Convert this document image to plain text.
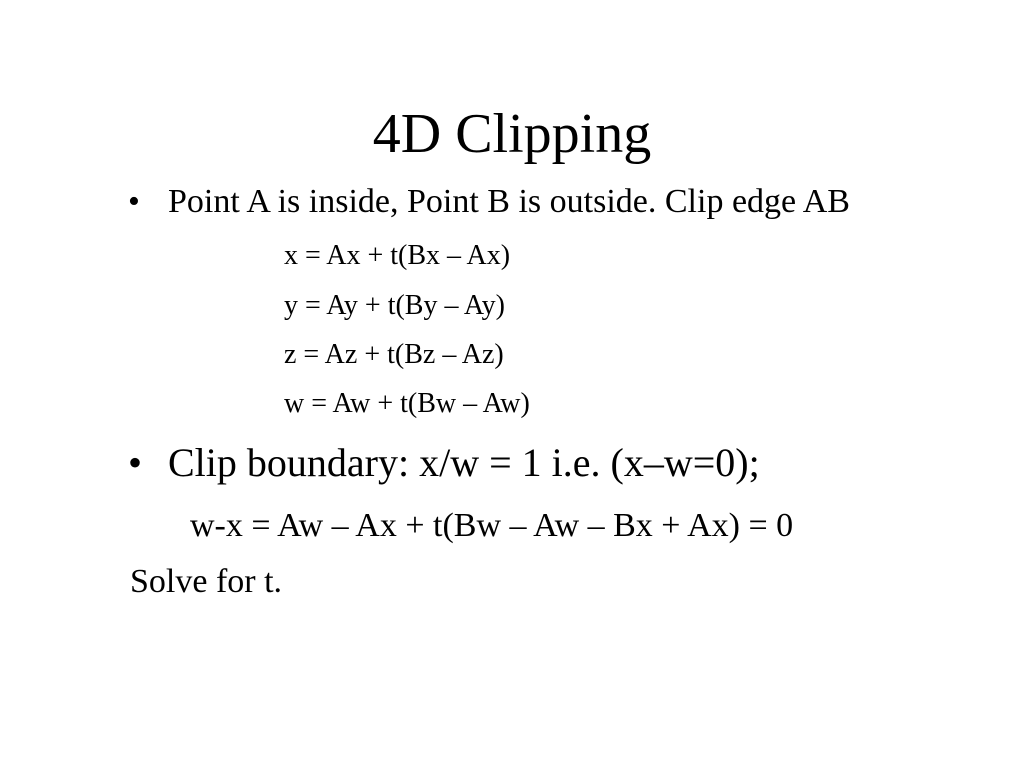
4D Clipping
• Point A is inside, Point B is outside. Clip edge AB
x = Ax + t(Bx – Ax)
y = Ay + t(By – Ay)
z = Az + t(Bz – Az)
w = Aw + t(Bw – Aw)
• Clip boundary: x/w = 1 i.e. (x–w=0);
w-x = Aw – Ax + t(Bw – Aw – Bx + Ax) = 0
Solve for t.
